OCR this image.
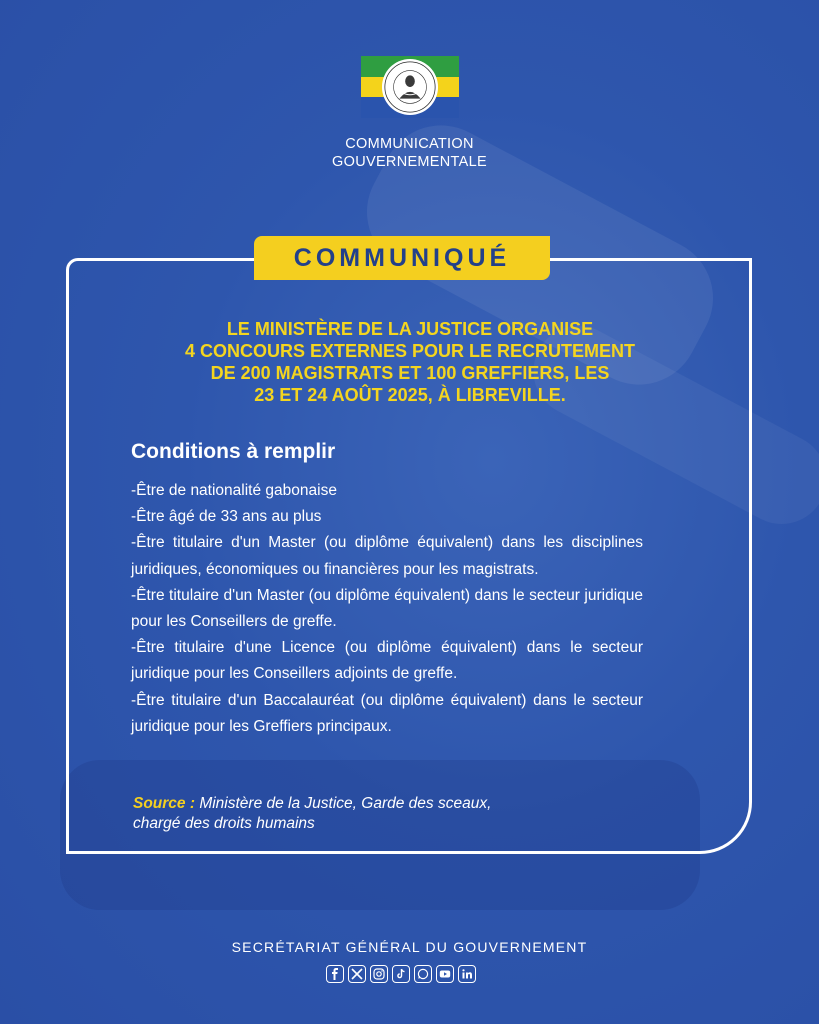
COMMUNICATION
GOUVERNEMENTALE
COMMUNIQUÉ
LE MINISTÈRE DE LA JUSTICE ORGANISE
4 CONCOURS EXTERNES POUR LE RECRUTEMENT
DE 200 MAGISTRATS ET 100 GREFFIERS, LES
23 ET 24 AOÛT 2025, À LIBREVILLE.
Conditions à remplir
-Être de nationalité gabonaise
-Être âgé de 33 ans au plus
-Être titulaire d'un Master (ou diplôme équivalent) dans les disciplines juridiques, économiques ou financières pour les magistrats.
-Être titulaire d'un Master (ou diplôme équivalent) dans le secteur juridique pour les Conseillers de greffe.
-Être titulaire d'une Licence (ou diplôme équivalent) dans le secteur juridique pour les Conseillers adjoints de greffe.
-Être titulaire d'un Baccalauréat (ou diplôme équivalent) dans le secteur juridique pour les Greffiers principaux.
Source : Ministère de la Justice, Garde des sceaux,
chargé des droits humains
SECRÉTARIAT GÉNÉRAL DU GOUVERNEMENT
